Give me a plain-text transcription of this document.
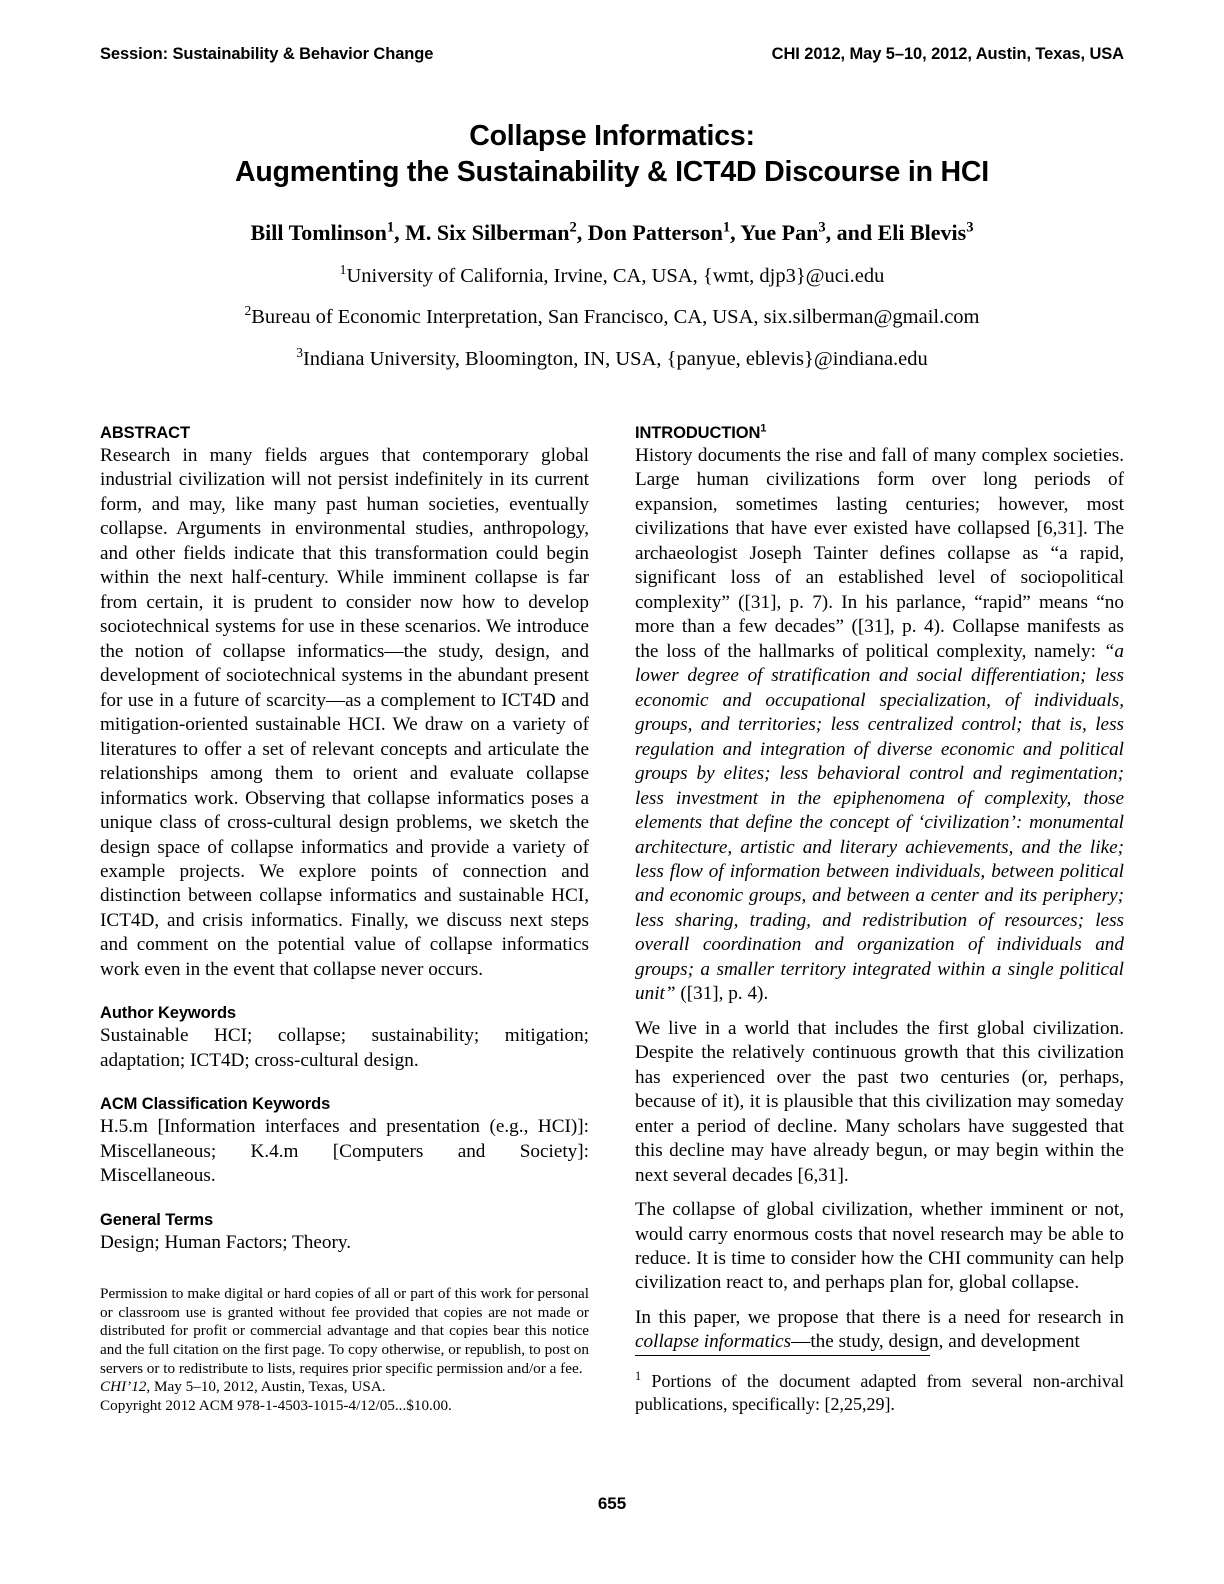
Session: Sustainability & Behavior Change	CHI 2012, May 5–10, 2012, Austin, Texas, USA
Collapse Informatics:
Augmenting the Sustainability & ICT4D Discourse in HCI

Bill Tomlinson$^1$, M. Six Silberman$^2$, Don Patterson$^1$, Yue Pan$^3$, and Eli Blevis$^3$

$^1$University of California, Irvine, CA, USA, {wmt, djp3}@uci.edu

$^2$Bureau of Economic Interpretation, San Francisco, CA, USA, six.silberman@gmail.com

$^3$Indiana University, Bloomington, IN, USA, {panyue, eblevis}@indiana.edu

ABSTRACT

Research in many fields argues that contemporary global industrial civilization will not persist indefinitely in its current form, and may, like many past human societies, eventually collapse. Arguments in environmental studies, anthropology, and other fields indicate that this transformation could begin within the next half-century. While imminent collapse is far from certain, it is prudent to consider now how to develop sociotechnical systems for use in these scenarios. We introduce the notion of collapse informatics—the study, design, and development of sociotechnical systems in the abundant present for use in a future of scarcity—as a complement to ICT4D and mitigation-oriented sustainable HCI. We draw on a variety of literatures to offer a set of relevant concepts and articulate the relationships among them to orient and evaluate collapse informatics work. Observing that collapse informatics poses a unique class of cross-cultural design problems, we sketch the design space of collapse informatics and provide a variety of example projects. We explore points of connection and distinction between collapse informatics and sustainable HCI, ICT4D, and crisis informatics. Finally, we discuss next steps and comment on the potential value of collapse informatics work even in the event that collapse never occurs.

Author Keywords

Sustainable HCI; collapse; sustainability; mitigation; adaptation; ICT4D; cross-cultural design.

ACM Classification Keywords

H.5.m [Information interfaces and presentation (e.g., HCI)]: Miscellaneous; K.4.m [Computers and Society]: Miscellaneous.

General Terms

Design; Human Factors; Theory.

INTRODUCTION$^1$

History documents the rise and fall of many complex societies. Large human civilizations form over long periods of expansion, sometimes lasting centuries; however, most civilizations that have ever existed have collapsed [6,31]. The archaeologist Joseph Tainter defines collapse as “a rapid, significant loss of an established level of sociopolitical complexity” ([31], p. 7). In his parlance, “rapid” means “no more than a few decades” ([31], p. 4). Collapse manifests as the loss of the hallmarks of political complexity, namely: “a lower degree of stratification and social differentiation; less economic and occupational specialization, of individuals, groups, and territories; less centralized control; that is, less regulation and integration of diverse economic and political groups by elites; less behavioral control and regimentation; less investment in the epiphenomena of complexity, those elements that define the concept of ‘civilization’: monumental architecture, artistic and literary achievements, and the like; less flow of information between individuals, between political and economic groups, and between a center and its periphery; less sharing, trading, and redistribution of resources; less overall coordination and organization of individuals and groups; a smaller territory integrated within a single political unit” ([31], p. 4).

We live in a world that includes the first global civilization. Despite the relatively continuous growth that this civilization has experienced over the past two centuries (or, perhaps, because of it), it is plausible that this civilization may someday enter a period of decline. Many scholars have suggested that this decline may have already begun, or may begin within the next several decades [6,31].

The collapse of global civilization, whether imminent or not, would carry enormous costs that novel research may be able to reduce. It is time to consider how the CHI community can help civilization react to, and perhaps plan for, global collapse.

In this paper, we propose that there is a need for research in collapse informatics—the study, design, and development

Permission to make digital or hard copies of all or part of this work for personal or classroom use is granted without fee provided that copies are not made or distributed for profit or commercial advantage and that copies bear this notice and the full citation on the first page. To copy otherwise, or republish, to post on servers or to redistribute to lists, requires prior specific permission and/or a fee.

CHI’12, May 5–10, 2012, Austin, Texas, USA.

Copyright 2012 ACM 978-1-4503-1015-4/12/05...$10.00.

$^1$ Portions of the document adapted from several non-archival publications, specifically: [2,25,29].

655
